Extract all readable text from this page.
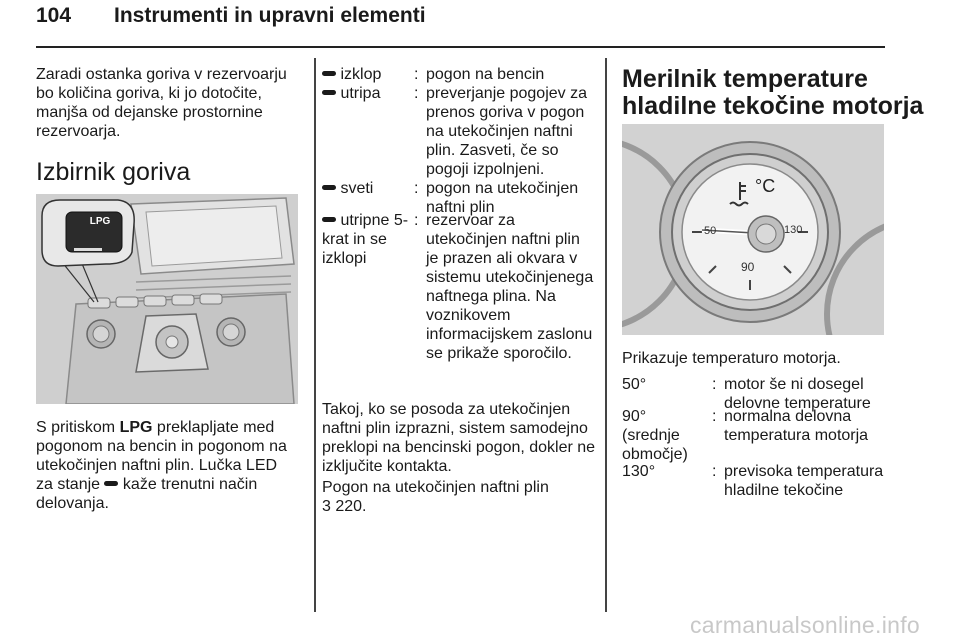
104 Instrumenti in upravni elementi
Zaradi ostanka goriva v rezervoarju bo količina goriva, ki jo dotočite, manjša od dejanske prostornine rezervoarja.
Izbirnik goriva
LPG
S pritiskom LPG preklapljate med pogonom na bencin in pogonom na utekočinjen naftni plin. Lučka LED za stanje  kaže trenutni način delovanja.
izklop : pogon na bencin
utripa : preverjanje pogojev za prenos goriva v pogon na utekočinjen naftni plin. Zasveti, če so pogoji izpolnjeni.
sveti	: pogon na utekočinjen naftni plin
utripne 5-krat in se izklopi
: rezervoar za utekočinjen naftni plin je prazen ali okvara v sistemu utekočinjenega naftnega plina. Na voznikovem informacijskem zaslonu se prikaže sporočilo.
Takoj, ko se posoda za utekočinjen naftni plin izprazni, sistem samodejno preklopi na bencinski pogon, dokler ne izključite kontakta.
Pogon na utekočinjen naftni plin
3 220.
Merilnik temperature
hladilne tekočine motorja
°C
50
90
130
Prikazuje temperaturo motorja.
50°	: motor še ni dosegel delovne temperature
90° (srednje območje)
: normalna delovna temperatura motorja
130°	: previsoka temperatura hladilne tekočine
carmanualsonline.info
